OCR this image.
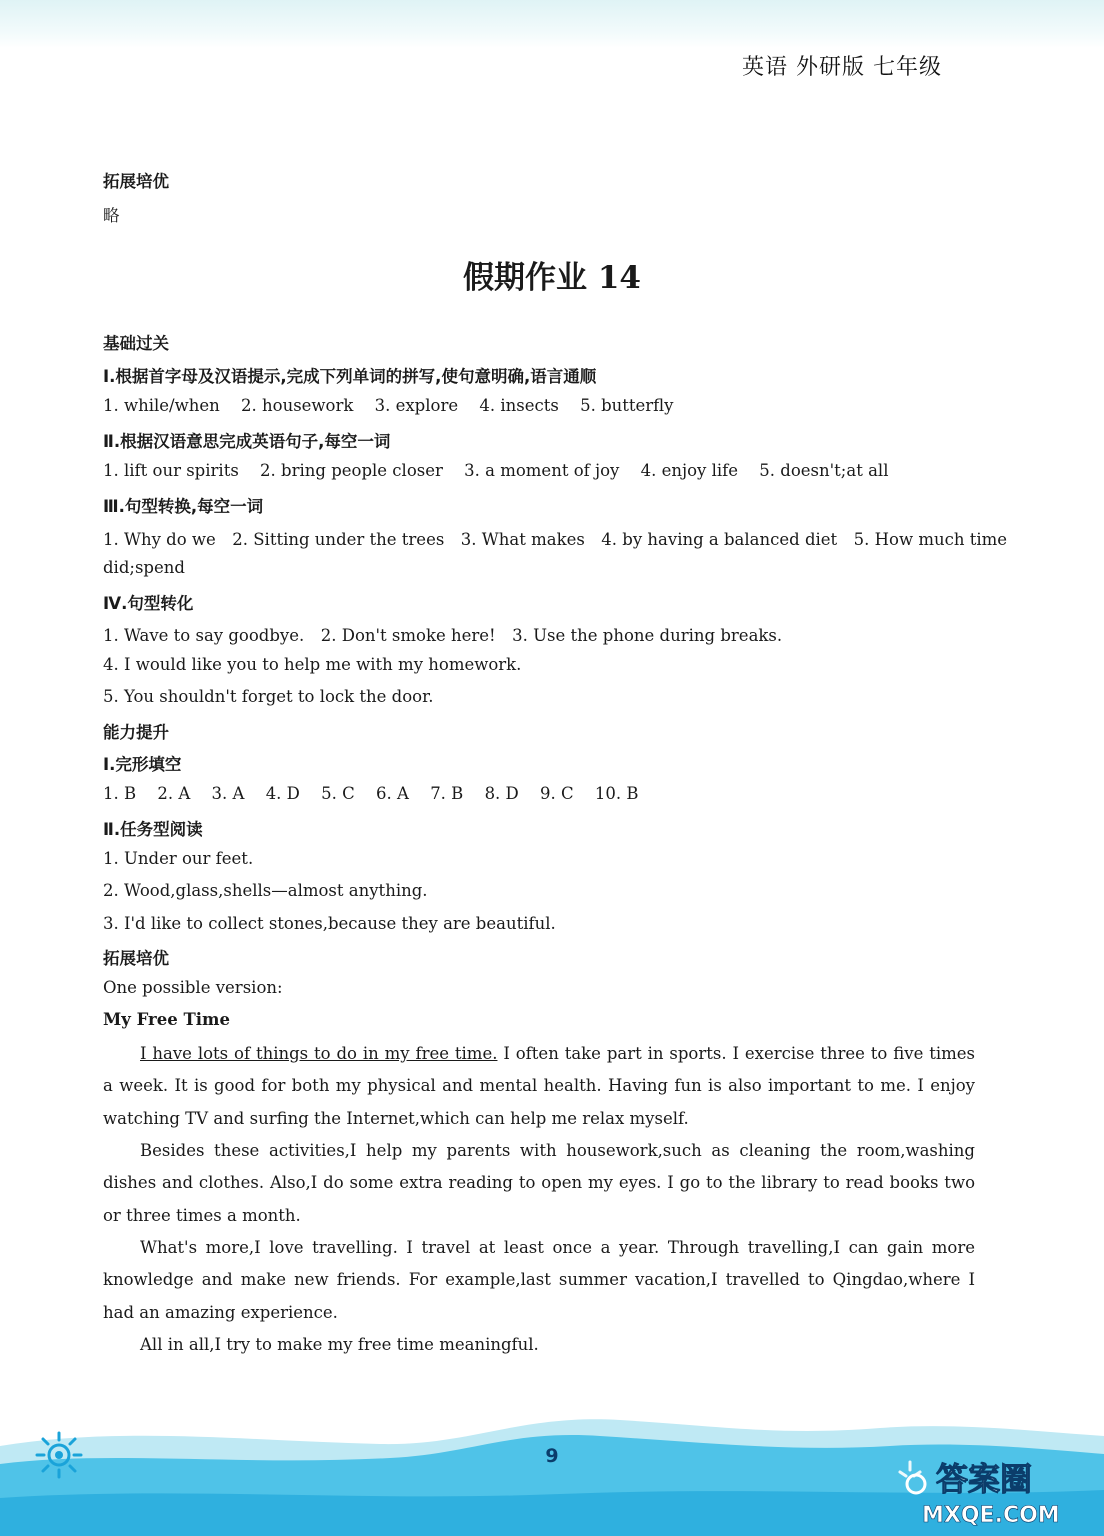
英语 外研版 七年级
拓展培优
略
假期作业 14
基础过关
Ⅰ.根据首字母及汉语提示,完成下列单词的拼写,使句意明确,语言通顺
1. while/when 2. housework 3. explore 4. insects 5. butterfly
Ⅱ.根据汉语意思完成英语句子,每空一词
1. lift our spirits 2. bring people closer 3. a moment of joy 4. enjoy life 5. doesn't;at all
Ⅲ.句型转换,每空一词
1. Why do we　2. Sitting under the trees　3. What makes　4. by having a balanced diet　5. How much time
did;spend
Ⅳ.句型转化
1. Wave to say goodbye.　2. Don't smoke here!　3. Use the phone during breaks.
4. I would like you to help me with my homework.
5. You shouldn't forget to lock the door.
能力提升
Ⅰ.完形填空
1. B 2. A 3. A 4. D 5. C 6. A 7. B 8. D 9. C 10. B
Ⅱ.任务型阅读
1. Under our feet.
2. Wood,glass,shells—almost anything.
3. I'd like to collect stones,because they are beautiful.
拓展培优
One possible version:
My Free Time
I have lots of things to do in my free time. I often take part in sports. I exercise three to five times a week. It is good for both my physical and mental health. Having fun is also important to me. I enjoy watching TV and surfing the Internet,which can help me relax myself.
Besides these activities,I help my parents with housework,such as cleaning the room,washing dishes and clothes. Also,I do some extra reading to open my eyes. I go to the library to read books two or three times a month.
What's more,I love travelling. I travel at least once a year. Through travelling,I can gain more knowledge and make new friends. For example,last summer vacation,I travelled to Qingdao,where I had an amazing experience.
All in all,I try to make my free time meaningful.
9
答案圈
MXQE.COM
